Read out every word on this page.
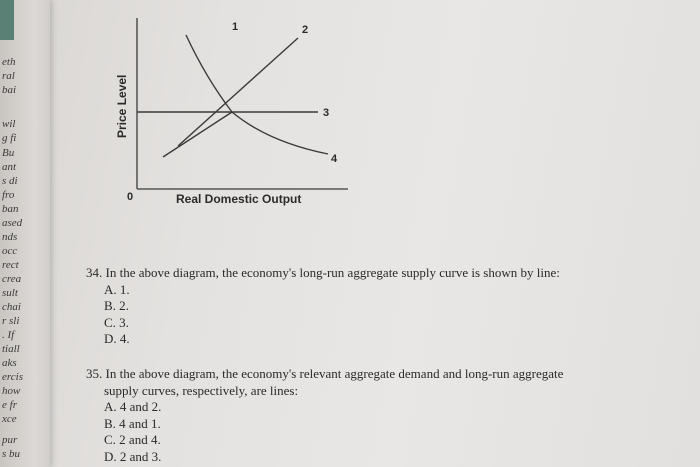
eth
ral
bai
wil
g fi
Bu
ant
s di
fro
ban
ased
nds
occ
rect
crea
sult
chai
r sli
. If
tiall
aks
ercis
how
e fr
xce
pur
s bu
Price Level
Real Domestic Output
0
1	2
3
4
34. In the above diagram, the economy's long-run aggregate supply curve is shown by line:
A. 1.
B. 2.
C. 3.
D. 4.
35. In the above diagram, the economy's relevant aggregate demand and long-run aggregate
supply curves, respectively, are lines:
A. 4 and 2.
B. 4 and 1.
C. 2 and 4.
D. 2 and 3.
